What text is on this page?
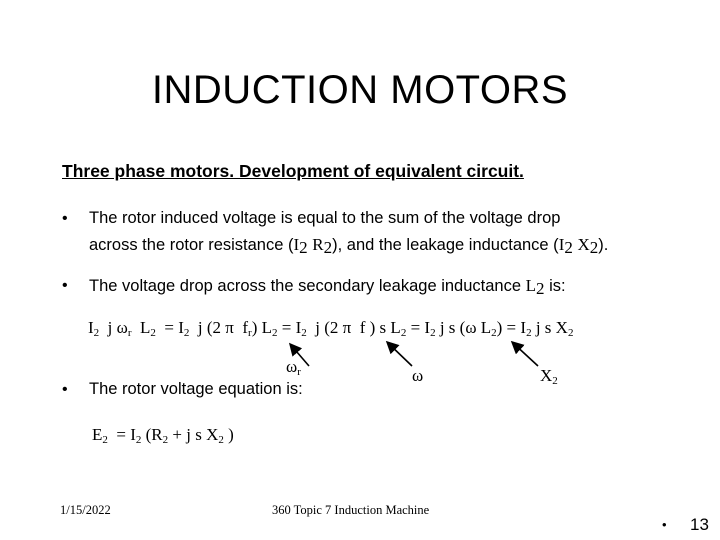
INDUCTION MOTORS
Three phase motors. Development of equivalent circuit.
• The rotor induced voltage is equal to the sum of the voltage drop
across the rotor resistance ($I_2$ $R_2$), and the leakage inductance ($I_2$ $X_2$).
• The voltage drop across the secondary leakage inductance $L_2$ is:
$I_2$  j $\omega_r$  $L_2 = I_2$  j (2 π  $f_r$) $L_2 = I_2$  j (2 π  f ) s $L_2 = I_2$ j s (ω $L_2) = I_2$ j s $X_2$
$\omega_r$	ω	$X_2$
• The rotor voltage equation is:
$E_2 = I_2$ ($R_2 + j$ s $X_2$ )
1/15/2022	360 Topic 7 Induction Machine
• 13
